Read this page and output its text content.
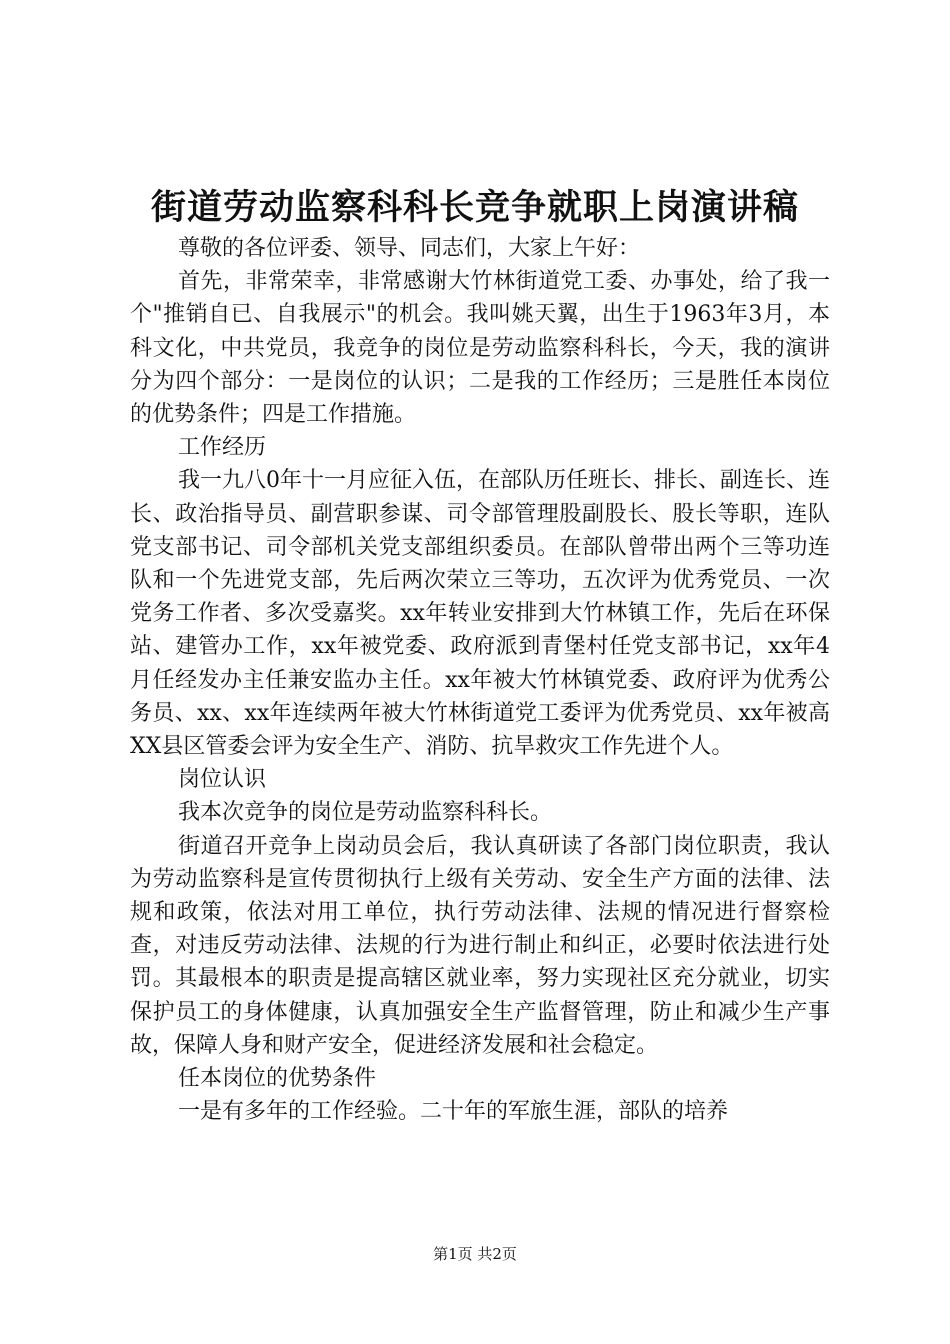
街道劳动监察科科长竞争就职上岗演讲稿

尊敬的各位评委、领导、同志们，大家上午好：

首先，非常荣幸，非常感谢大竹林街道党工委、办事处，给了我一个"推销自已、自我展示"的机会。我叫姚天翼，出生于1963年3月，本科文化，中共党员，我竞争的岗位是劳动监察科科长，今天，我的演讲分为四个部分：一是岗位的认识；二是我的工作经历；三是胜任本岗位的优势条件；四是工作措施。

工作经历

我一九八0年十一月应征入伍，在部队历任班长、排长、副连长、连长、政治指导员、副营职参谋、司令部管理股副股长、股长等职，连队党支部书记、司令部机关党支部组织委员。在部队曾带出两个三等功连队和一个先进党支部，先后两次荣立三等功，五次评为优秀党员、一次党务工作者、多次受嘉奖。xx年转业安排到大竹林镇工作，先后在环保站、建管办工作，xx年被党委、政府派到青堡村任党支部书记，xx年4月任经发办主任兼安监办主任。xx年被大竹林镇党委、政府评为优秀公务员、xx、xx年连续两年被大竹林街道党工委评为优秀党员、xx年被高XX县区管委会评为安全生产、消防、抗旱救灾工作先进个人。

岗位认识

我本次竞争的岗位是劳动监察科科长。

街道召开竞争上岗动员会后，我认真研读了各部门岗位职责，我认为劳动监察科是宣传贯彻执行上级有关劳动、安全生产方面的法律、法规和政策，依法对用工单位，执行劳动法律、法规的情况进行督察检查，对违反劳动法律、法规的行为进行制止和纠正，必要时依法进行处罚。其最根本的职责是提高辖区就业率，努力实现社区充分就业，切实保护员工的身体健康，认真加强安全生产监督管理，防止和减少生产事故，保障人身和财产安全，促进经济发展和社会稳定。

任本岗位的优势条件

一是有多年的工作经验。二十年的军旅生涯，部队的培养

第1页 共2页
